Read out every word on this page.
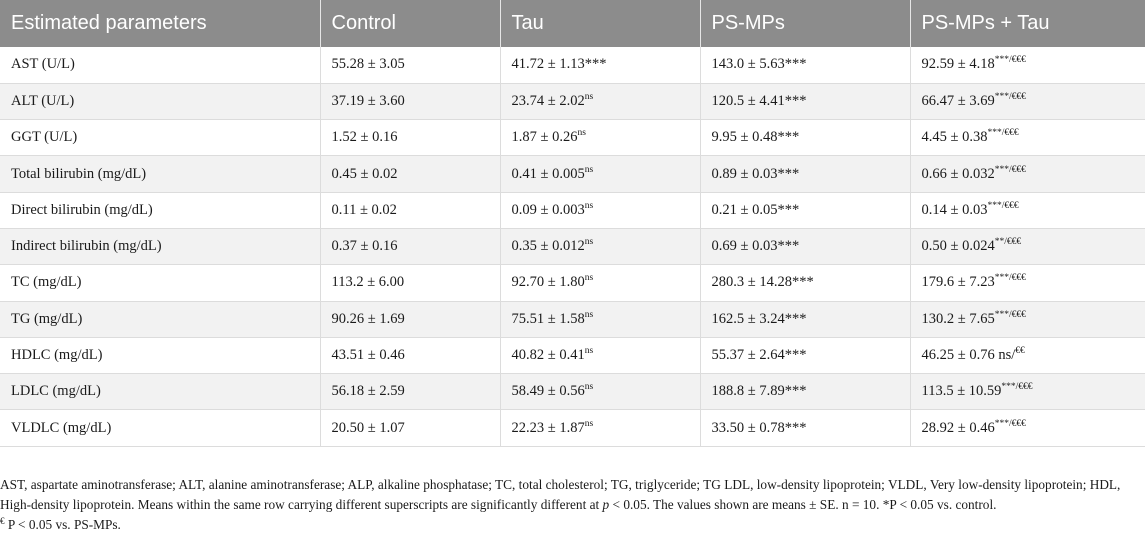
Estimated parameters	Control	Tau	PS-MPs	PS-MPs + Tau
AST (U/L)	55.28 ± 3.05	41.72 ± 1.13***	143.0 ± 5.63***	92.59 ± 4.18***/€€€
ALT (U/L)	37.19 ± 3.60	$23.74 \pm 2.02^{ns}$	120.5 ± 4.41***	66.47 ± 3.69***/€€€
GGT (U/L)	1.52 ± 0.16	$1.87 \pm 0.26^{ns}$	9.95 ± 0.48***	4.45 ± 0.38***/€€€
Total bilirubin (mg/dL)	0.45 ± 0.02	$0.41 \pm 0.005^{ns}$	0.89 ± 0.03***	0.66 ± 0.032***/€€€
Direct bilirubin (mg/dL)	0.11 ± 0.02	$0.09 \pm 0.003^{ns}$	0.21 ± 0.05***	0.14 ± 0.03***/€€€
Indirect bilirubin (mg/dL)	0.37 ± 0.16	$0.35 \pm 0.012^{ns}$	0.69 ± 0.03***	0.50 ± 0.024**/€€€
TC (mg/dL)	113.2 ± 6.00	$92.70 \pm 1.80^{ns}$	280.3 ± 14.28***	179.6 ± 7.23***/€€€
TG (mg/dL)	90.26 ± 1.69	$75.51 \pm 1.58^{ns}$	162.5 ± 3.24***	130.2 ± 7.65***/€€€
HDLC (mg/dL)	43.51 ± 0.46	$40.82 \pm 0.41^{ns}$	55.37 ± 2.64***	46.25 ± 0.76 ns/€€
LDLC (mg/dL)	56.18 ± 2.59	$58.49 \pm 0.56^{ns}$	188.8 ± 7.89***	113.5 ± 10.59***/€€€
VLDLC (mg/dL)	20.50 ± 1.07	$22.23 \pm 1.87^{ns}$	33.50 ± 0.78***	28.92 ± 0.46***/€€€

AST, aspartate aminotransferase; ALT, alanine aminotransferase; ALP, alkaline phosphatase; TC, total cholesterol; TG, triglyceride; TG LDL, low-density lipoprotein; VLDL, Very low-density lipoprotein; HDL, High-density lipoprotein. Means within the same row carrying different superscripts are significantly different at p < 0.05. The values shown are means ± SE. n = 10. *P < 0.05 vs. control.

€ P < 0.05 vs. PS-MPs.
